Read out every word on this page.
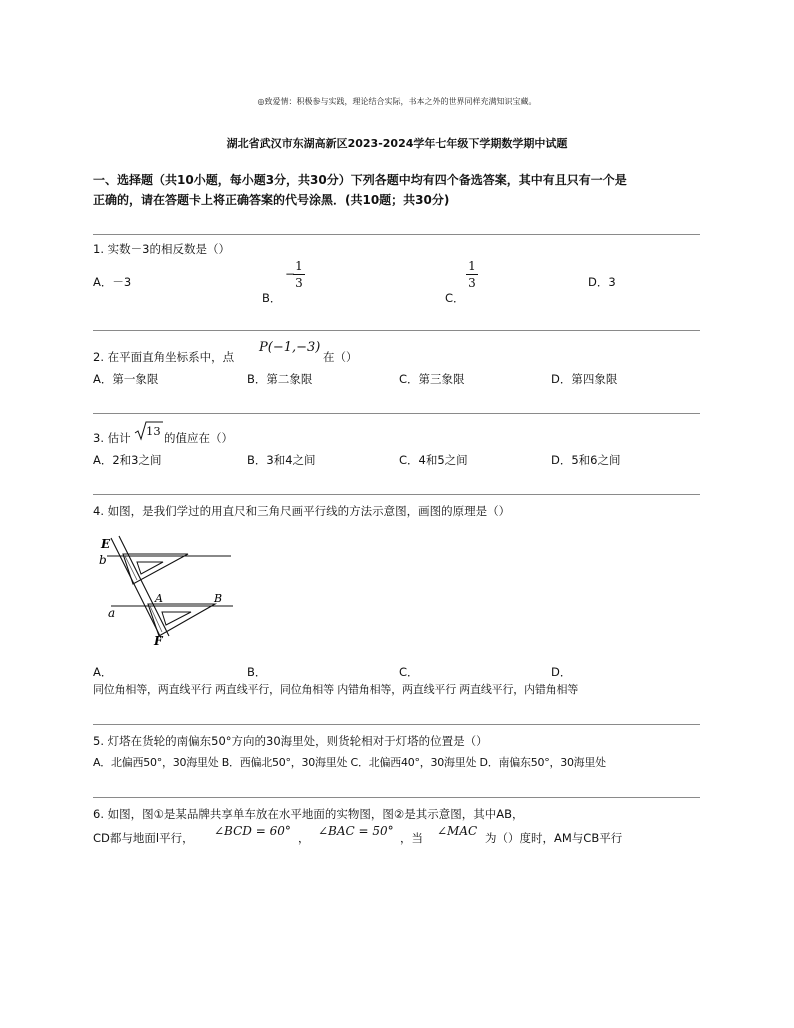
◎致爱情：积极参与实践，理论结合实际，书本之外的世界同样充满知识宝藏。
湖北省武汉市东湖高新区2023-2024学年七年级下学期数学期中试题
一、选择题（共10小题，每小题3分，共30分）下列各题中均有四个备选答案，其中有且只有一个是
正确的，请在答题卡上将正确答案的代号涂黑．(共10题；共30分)
1. 实数－3的相反数是（）
A．－3
B．
−
1
3
C．
1
3	D．3
2. 在平面直角坐标系中，点
P(−1,−3)
在（）
A．第一象限	B．第二象限	C．第三象限	D．第四象限
3. 估计 13 的值应在（）
A．2和3之间	B．3和4之间	C．4和5之间	D．5和6之间
4. 如图，是我们学过的用直尺和三角尺画平行线的方法示意图，画图的原理是（）
E
b
a
A	B
F
A．	B．	C．	D．
同位角相等，两直线平行 两直线平行，同位角相等 内错角相等，两直线平行 两直线平行，内错角相等
5. 灯塔在货轮的南偏东50°方向的30海里处，则货轮相对于灯塔的位置是（）
A．北偏西50°，30海里处 B．西偏北50°，30海里处 C．北偏西40°，30海里处 D．南偏东50°，30海里处
6. 如图，图①是某品牌共享单车放在水平地面的实物图，图②是其示意图，其中AB，
CD都与地面l平行， ∠BCD = 60° ， ∠BAC = 50° ，当 ∠MAC 为（）度时，AM与CB平行
